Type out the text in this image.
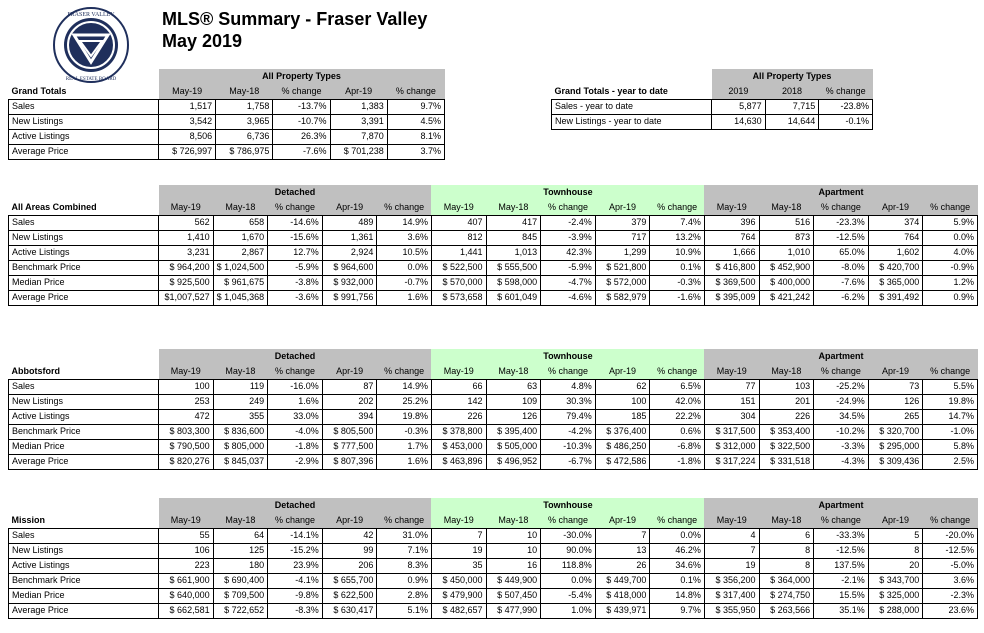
FRASER VALLEY
REAL ESTATE BOARD
MLS® Summary - Fraser Valley
May 2019
	All Property Types				
Grand Totals	May-19	May-18	% change	Apr-19	% change
Sales	1,517	1,758	-13.7%	1,383	9.7%
New Listings	3,542	3,965	-10.7%	3,391	4.5%
Active Listings	8,506	6,736	26.3%	7,870	8.1%
Average Price	$ 726,997	$ 786,975	-7.6%	$ 701,238	3.7%
	All Property Types		
Grand Totals - year to date	2019	2018	% change
Sales - year to date	5,877	7,715	-23.8%
New Listings - year to date	14,630	14,644	-0.1%
	Detached					Townhouse					Apartment				
All Areas Combined	May-19	May-18	% change	Apr-19	% change	May-19	May-18	% change	Apr-19	% change	May-19	May-18	% change	Apr-19	% change
Sales	562	658	-14.6%	489	14.9%	407	417	-2.4%	379	7.4%	396	516	-23.3%	374	5.9%
New Listings	1,410	1,670	-15.6%	1,361	3.6%	812	845	-3.9%	717	13.2%	764	873	-12.5%	764	0.0%
Active Listings	3,231	2,867	12.7%	2,924	10.5%	1,441	1,013	42.3%	1,299	10.9%	1,666	1,010	65.0%	1,602	4.0%
Benchmark Price	$ 964,200	$ 1,024,500	-5.9%	$ 964,600	0.0%	$ 522,500	$ 555,500	-5.9%	$ 521,800	0.1%	$ 416,800	$ 452,900	-8.0%	$ 420,700	-0.9%
Median Price	$ 925,500	$ 961,675	-3.8%	$ 932,000	-0.7%	$ 570,000	$ 598,000	-4.7%	$ 572,000	-0.3%	$ 369,500	$ 400,000	-7.6%	$ 365,000	1.2%
Average Price	$1,007,527	$ 1,045,368	-3.6%	$ 991,756	1.6%	$ 573,658	$ 601,049	-4.6%	$ 582,979	-1.6%	$ 395,009	$ 421,242	-6.2%	$ 391,492	0.9%
	Detached					Townhouse					Apartment				
Abbotsford	May-19	May-18	% change	Apr-19	% change	May-19	May-18	% change	Apr-19	% change	May-19	May-18	% change	Apr-19	% change
Sales	100	119	-16.0%	87	14.9%	66	63	4.8%	62	6.5%	77	103	-25.2%	73	5.5%
New Listings	253	249	1.6%	202	25.2%	142	109	30.3%	100	42.0%	151	201	-24.9%	126	19.8%
Active Listings	472	355	33.0%	394	19.8%	226	126	79.4%	185	22.2%	304	226	34.5%	265	14.7%
Benchmark Price	$ 803,300	$ 836,600	-4.0%	$ 805,500	-0.3%	$ 378,800	$ 395,400	-4.2%	$ 376,400	0.6%	$ 317,500	$ 353,400	-10.2%	$ 320,700	-1.0%
Median Price	$ 790,500	$ 805,000	-1.8%	$ 777,500	1.7%	$ 453,000	$ 505,000	-10.3%	$ 486,250	-6.8%	$ 312,000	$ 322,500	-3.3%	$ 295,000	5.8%
Average Price	$ 820,276	$ 845,037	-2.9%	$ 807,396	1.6%	$ 463,896	$ 496,952	-6.7%	$ 472,586	-1.8%	$ 317,224	$ 331,518	-4.3%	$ 309,436	2.5%
	Detached					Townhouse					Apartment				
Mission	May-19	May-18	% change	Apr-19	% change	May-19	May-18	% change	Apr-19	% change	May-19	May-18	% change	Apr-19	% change
Sales	55	64	-14.1%	42	31.0%	7	10	-30.0%	7	0.0%	4	6	-33.3%	5	-20.0%
New Listings	106	125	-15.2%	99	7.1%	19	10	90.0%	13	46.2%	7	8	-12.5%	8	-12.5%
Active Listings	223	180	23.9%	206	8.3%	35	16	118.8%	26	34.6%	19	8	137.5%	20	-5.0%
Benchmark Price	$ 661,900	$ 690,400	-4.1%	$ 655,700	0.9%	$ 450,000	$ 449,900	0.0%	$ 449,700	0.1%	$ 356,200	$ 364,000	-2.1%	$ 343,700	3.6%
Median Price	$ 640,000	$ 709,500	-9.8%	$ 622,500	2.8%	$ 479,900	$ 507,450	-5.4%	$ 418,000	14.8%	$ 317,400	$ 274,750	15.5%	$ 325,000	-2.3%
Average Price	$ 662,581	$ 722,652	-8.3%	$ 630,417	5.1%	$ 482,657	$ 477,990	1.0%	$ 439,971	9.7%	$ 355,950	$ 263,566	35.1%	$ 288,000	23.6%
